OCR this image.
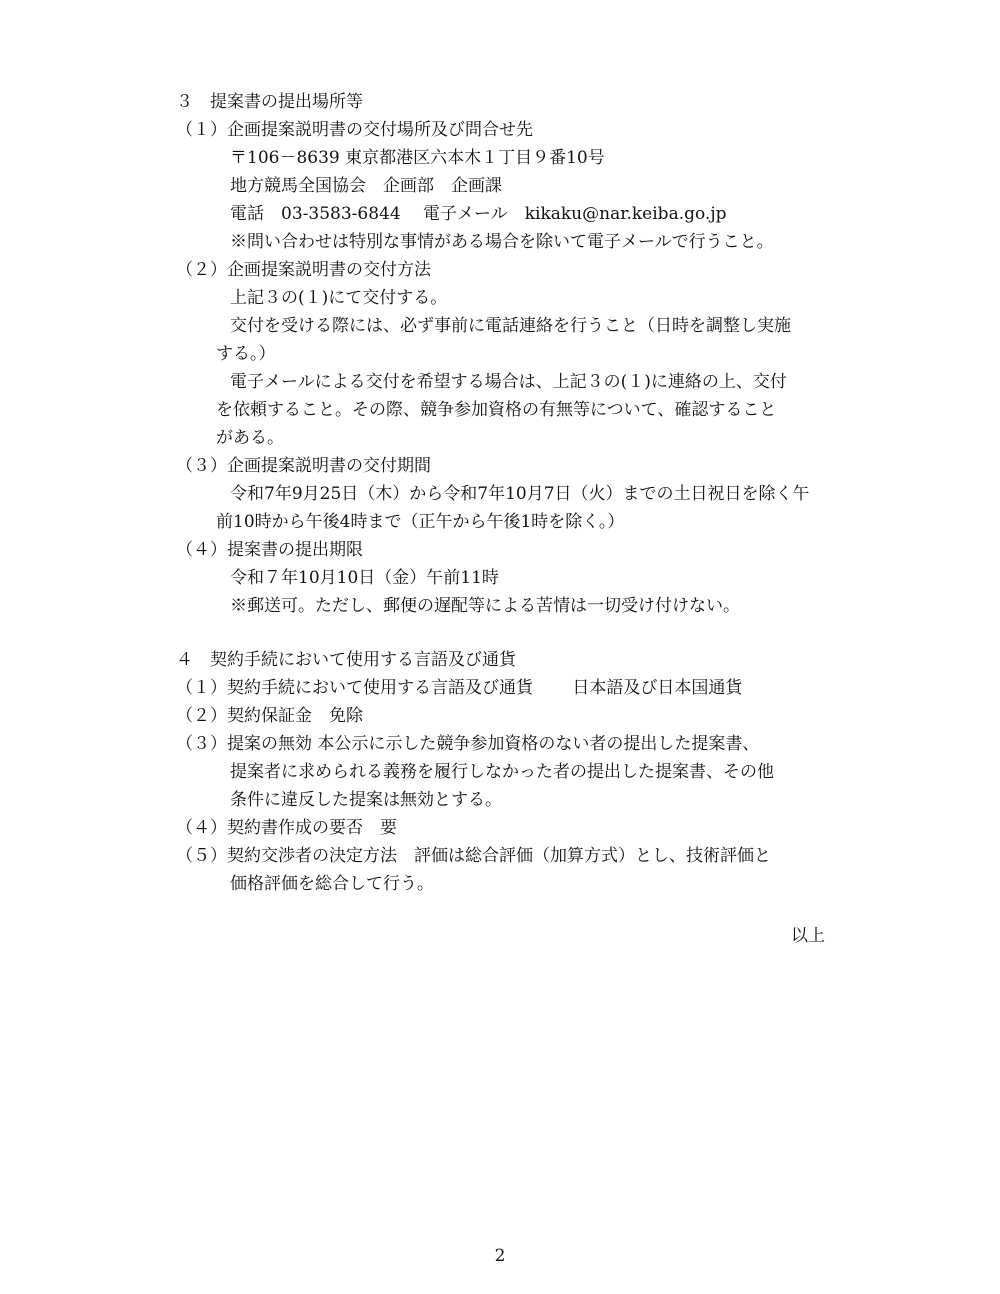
３　提案書の提出場所等

（１）企画提案説明書の交付場所及び問合せ先

〒106－8639 東京都港区六本木１丁目９番10号

地方競馬全国協会　企画部　企画課

電話　03-3583-6844　 電子メール　kikaku@nar.keiba.go.jp

※問い合わせは特別な事情がある場合を除いて電子メールで行うこと。

（２）企画提案説明書の交付方法

上記３の(１)にて交付する。

交付を受ける際には、必ず事前に電話連絡を行うこと（日時を調整し実施

する。）

電子メールによる交付を希望する場合は、上記３の(１)に連絡の上、交付

を依頼すること。その際、競争参加資格の有無等について、確認すること

がある。

（３）企画提案説明書の交付期間

令和7年9月25日（木）から令和7年10月7日（火）までの土日祝日を除く午

前10時から午後4時まで（正午から午後1時を除く。）

（４）提案書の提出期限

令和７年10月10日（金）午前11時

※郵送可。ただし、郵便の遅配等による苦情は一切受け付けない。

４　契約手続において使用する言語及び通貨

（１）契約手続において使用する言語及び通貨　　 日本語及び日本国通貨

（２）契約保証金　免除

（３）提案の無効 本公示に示した競争参加資格のない者の提出した提案書、

提案者に求められる義務を履行しなかった者の提出した提案書、その他

条件に違反した提案は無効とする。

（４）契約書作成の要否　要

（５）契約交渉者の決定方法　評価は総合評価（加算方式）とし、技術評価と

価格評価を総合して行う。

以上

2
